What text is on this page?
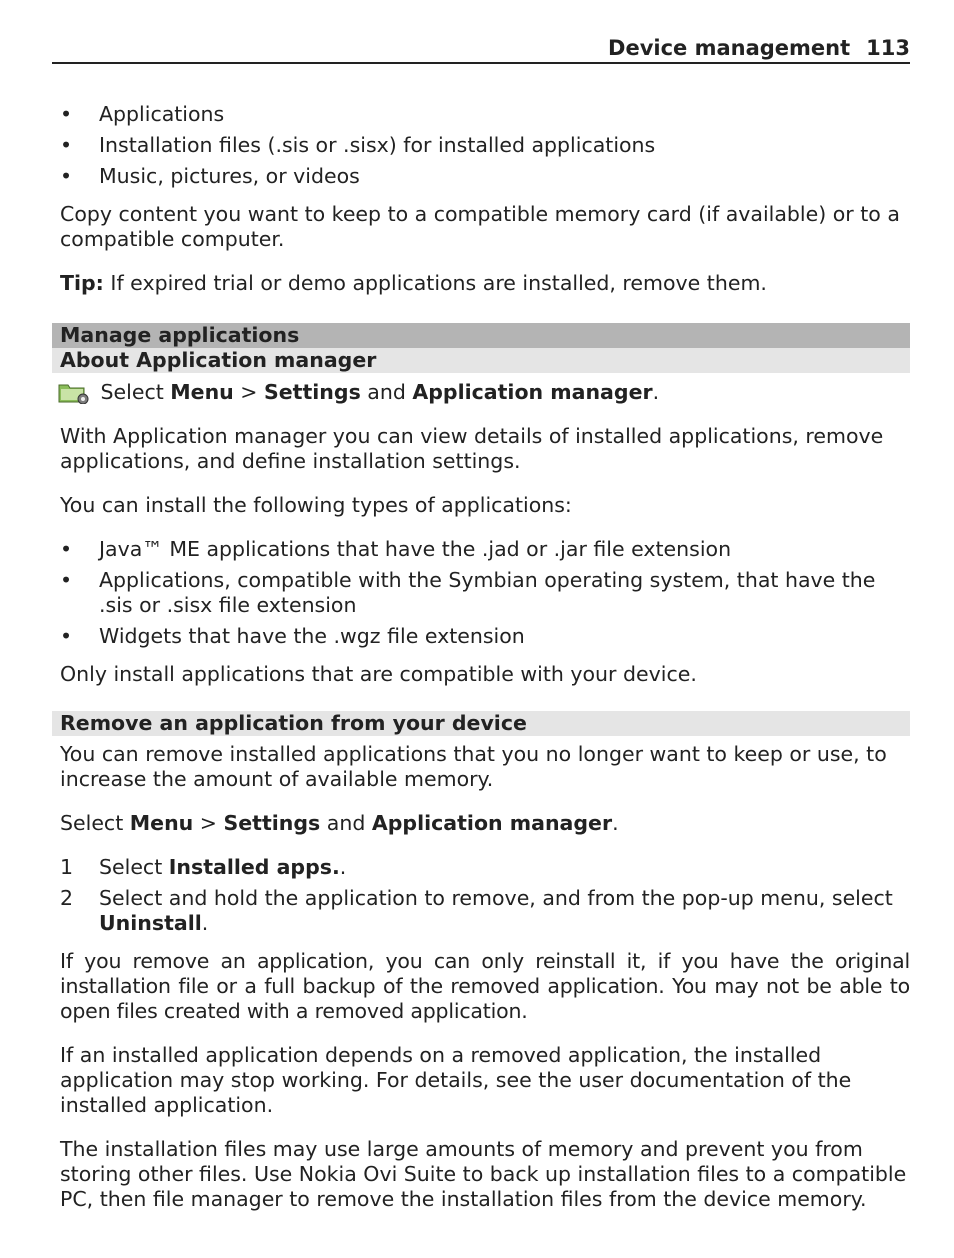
Device management 113
• Applications
• Installation files (.sis or .sisx) for installed applications
• Music, pictures, or videos

Copy content you want to keep to a compatible memory card (if available) or to a compatible computer.

Tip: If expired trial or demo applications are installed, remove them.

Manage applications
About Application manager

Select Menu > Settings and Application manager.

With Application manager you can view details of installed applications, remove applications, and define installation settings.

You can install the following types of applications:

• Java™ ME applications that have the .jad or .jar file extension
• Applications, compatible with the Symbian operating system, that have the .sis or .sisx file extension
• Widgets that have the .wgz file extension

Only install applications that are compatible with your device.

Remove an application from your device

You can remove installed applications that you no longer want to keep or use, to increase the amount of available memory.

Select Menu > Settings and Application manager.

1 Select Installed apps..
2 Select and hold the application to remove, and from the pop-up menu, select Uninstall.

If you remove an application, you can only reinstall it, if you have the original installation file or a full backup of the removed application. You may not be able to open files created with a removed application.

If an installed application depends on a removed application, the installed application may stop working. For details, see the user documentation of the installed application.

The installation files may use large amounts of memory and prevent you from storing other files. Use Nokia Ovi Suite to back up installation files to a compatible PC, then file manager to remove the installation files from the device memory.
